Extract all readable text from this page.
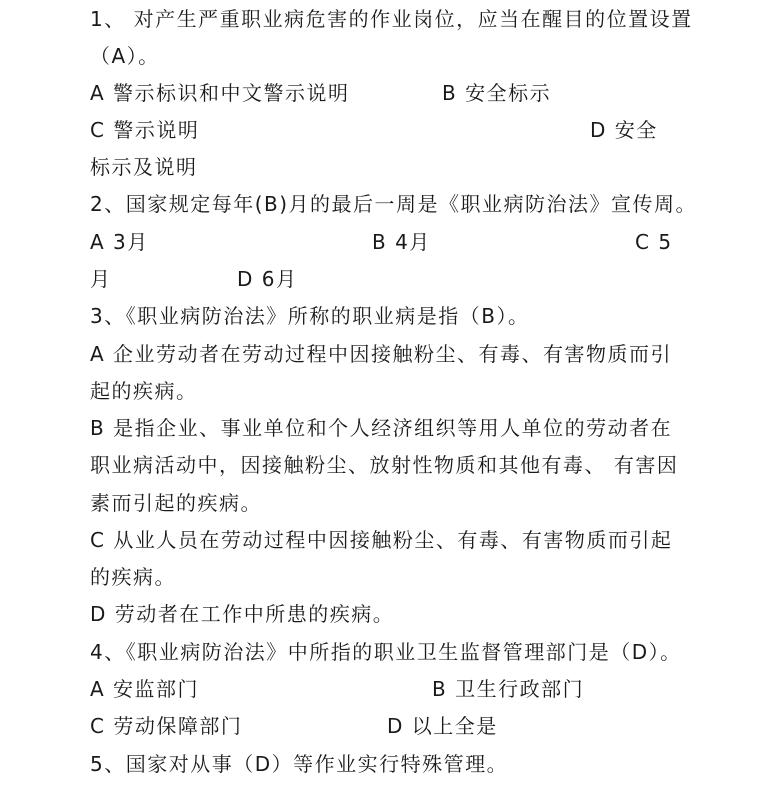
1、 对产生严重职业病危害的作业岗位，应当在醒目的位置设置
（A）。
A 警示标识和中文警示说明	B 安全标示
C 警示说明	D 安全
标示及说明
2、国家规定每年(B)月的最后一周是《职业病防治法》宣传周。
A 3月	B 4月	C 5
月	D 6月
3、《职业病防治法》所称的职业病是指（B）。
A 企业劳动者在劳动过程中因接触粉尘、有毒、有害物质而引
起的疾病。
B 是指企业、事业单位和个人经济组织等用人单位的劳动者在
职业病活动中，因接触粉尘、放射性物质和其他有毒、 有害因
素而引起的疾病。
C 从业人员在劳动过程中因接触粉尘、有毒、有害物质而引起
的疾病。
D 劳动者在工作中所患的疾病。
4、《职业病防治法》中所指的职业卫生监督管理部门是（D）。
A 安监部门	B 卫生行政部门
C 劳动保障部门	D 以上全是
5、国家对从事（D）等作业实行特殊管理。
